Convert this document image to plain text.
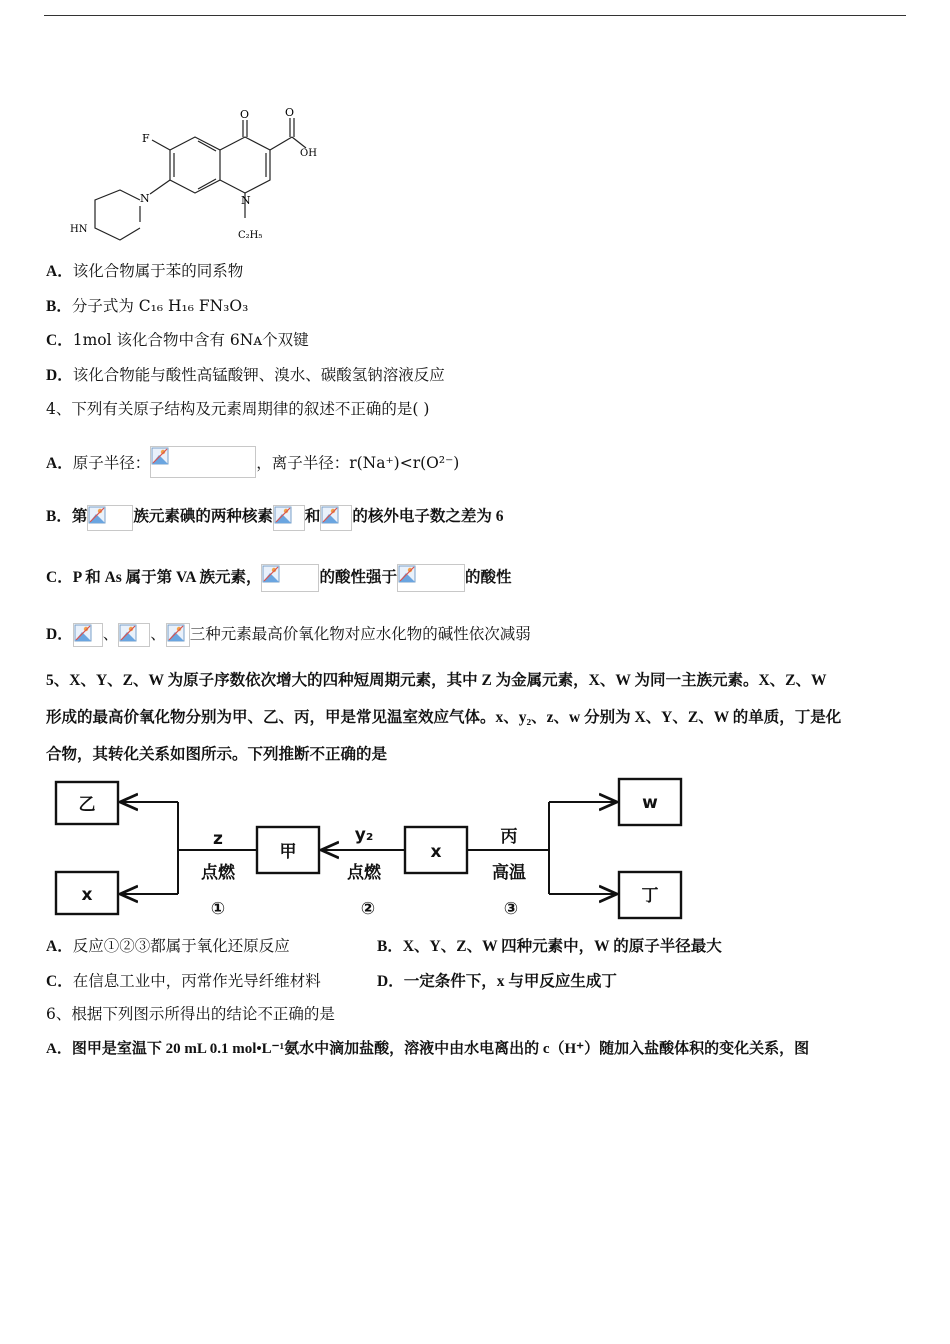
F
O	O
OH
N
HN
N
C₂H₅
A．该化合物属于苯的同系物
B．分子式为 C₁₆ H₁₆ FN₃O₃
C．1mol 该化合物中含有 6Nᴀ个双键
D．该化合物能与酸性高锰酸钾、溴水、碳酸氢钠溶液反应
4、下列有关原子结构及元素周期律的叙述不正确的是( )
A．原子半径：	，离子半径：r(Na⁺)<r(O²⁻)
B．第	族元素碘的两种核素 和 的核外电子数之差为 6
C．P 和 As 属于第 VA 族元素，	的酸性强于	的酸性
D． 、 、 三种元素最高价氧化物对应水化物的碱性依次减弱
5、X、Y、Z、W 为原子序数依次增大的四种短周期元素，其中 Z 为金属元素，X、W 为同一主族元素。X、Z、W
形成的最高价氧化物分别为甲、乙、丙，甲是常见温室效应气体。x、y₂、z、w 分别为 X、Y、Z、W 的单质，丁是化
合物，其转化关系如图所示。下列推断不正确的是
乙
x
甲	x
w
丁
z
点燃
①
y₂
点燃
②
丙
高温
③
A．反应①②③都属于氧化还原反应	B．X、Y、Z、W 四种元素中，W 的原子半径最大
C．在信息工业中，丙常作光导纤维材料	D．一定条件下，x 与甲反应生成丁
6、根据下列图示所得出的结论不正确的是
A．图甲是室温下 20 mL 0.1 mol•L⁻¹氨水中滴加盐酸，溶液中由水电离出的 c（H⁺）随加入盐酸体积的变化关系，图
